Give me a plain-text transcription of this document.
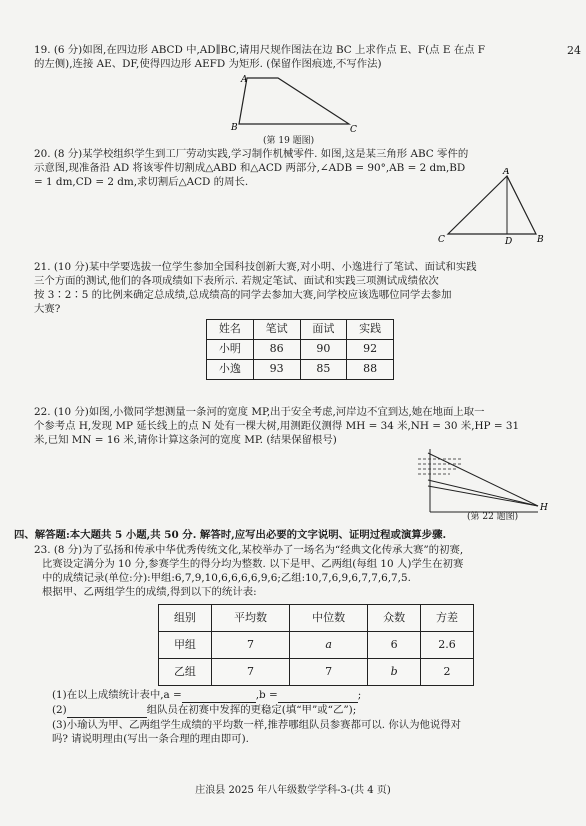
24

19. (6 分)如图,在四边形 ABCD 中,AD∥BC,请用尺规作图法在边 BC 上求作点 E、F(点 E 在点 F

的左侧),连接 AE、DF,使得四边形 AEFD 为矩形. (保留作图痕迹,不写作法)

A
B	C
(第 19 题图)

20. (8 分)某学校组织学生到工厂劳动实践,学习制作机械零件. 如图,这是某三角形 ABC 零件的

示意图,现准备沿 AD 将该零件切割成△ABD 和△ACD 两部分,∠ADB = 90°,AB = 2 dm,BD

= 1 dm,CD = 2 dm,求切割后△ACD 的周长.

A
C	D	B

21. (10 分)某中学要选拔一位学生参加全国科技创新大赛,对小明、小逸进行了笔试、面试和实践

三个方面的测试,他们的各项成绩如下表所示. 若规定笔试、面试和实践三项测试成绩依次

按 3∶2∶5 的比例来确定总成绩,总成绩高的同学去参加大赛,问学校应该选哪位同学去参加

大赛?

姓名	笔试	面试	实践
小明	86	90	92
小逸	93	85	88

22. (10 分)如图,小微同学想测量一条河的宽度 MP,出于安全考虑,河岸边不宜到达,她在地面上取一

个参考点 H,发现 MP 延长线上的点 N 处有一棵大树,用测距仪测得 MH = 34 米,NH = 30 米,HP = 31

米,已知 MN = 16 米,请你计算这条河的宽度 MP. (结果保留根号)

H
(第 22 题图)
四、解答题:本大题共 5 小题,共 50 分. 解答时,应写出必要的文字说明、证明过程或演算步骤.

23. (8 分)为了弘扬和传承中华优秀传统文化,某校举办了一场名为“经典文化传承大赛”的初赛,

比赛设定满分为 10 分,参赛学生的得分均为整数. 以下是甲、乙两组(每组 10 人)学生在初赛

中的成绩记录(单位:分):甲组:6,7,9,10,6,6,6,6,9,6;乙组:10,7,6,9,6,7,7,6,7,5.

根据甲、乙两组学生的成绩,得到以下的统计表:

组别	平均数	中位数	众数	方差
甲组	7	a	6	2.6
乙组	7	7	b	2

(1)在以上成绩统计表中,a =	,b =	;

(2)	组队员在初赛中发挥的更稳定(填“甲”或“乙”);

(3)小瑜认为甲、乙两组学生成绩的平均数一样,推荐哪组队员参赛都可以. 你认为他说得对

吗? 请说明理由(写出一条合理的理由即可).

庄浪县 2025 年八年级数学学科-3-(共 4 页)
